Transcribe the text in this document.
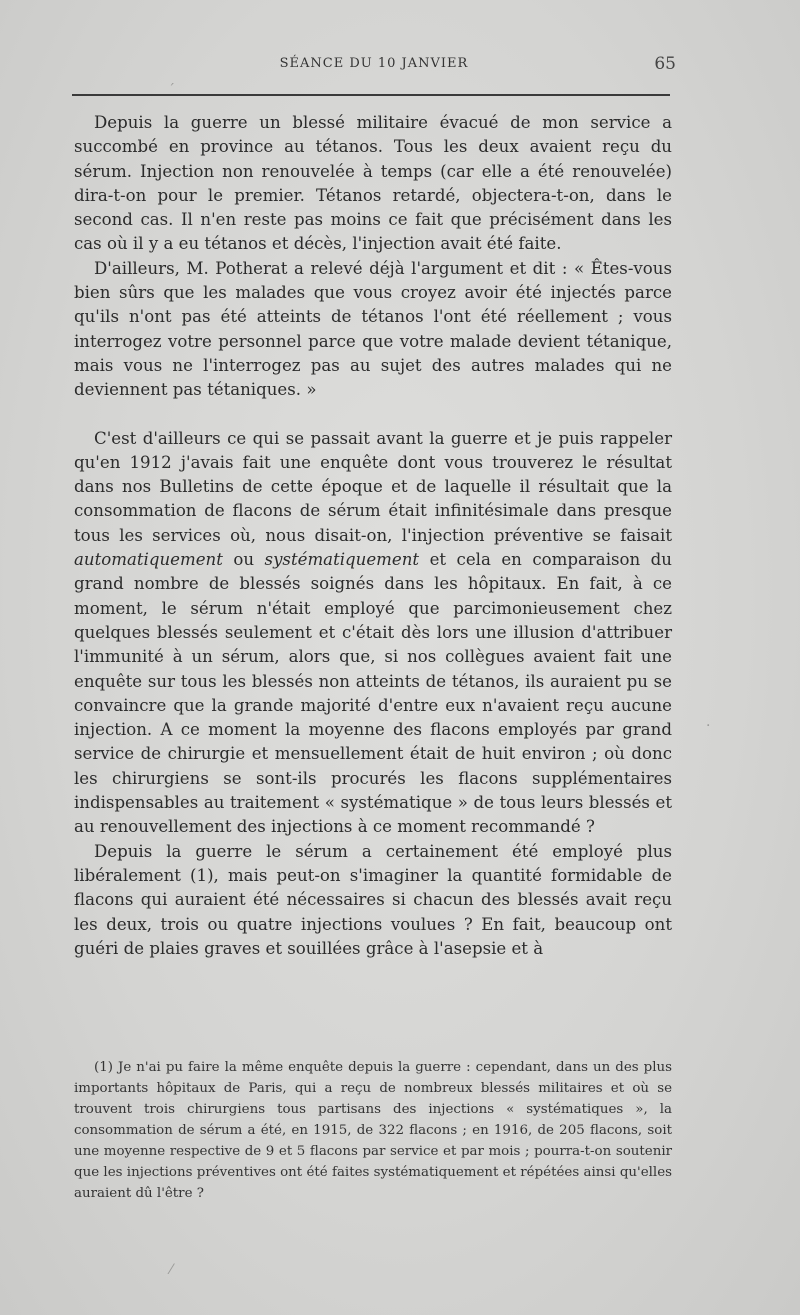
SÉANCE DU 10 JANVIER	65

Depuis la guerre un blessé militaire évacué de mon service a succombé en province au tétanos. Tous les deux avaient reçu du sérum. Injection non renouvelée à temps (car elle a été renouvelée) dira-t-on pour le premier. Tétanos retardé, objectera-t-on, dans le second cas. Il n'en reste pas moins ce fait que précisément dans les cas où il y a eu tétanos et décès, l'injection avait été faite.

D'ailleurs, M. Potherat a relevé déjà l'argument et dit : « Êtes-vous bien sûrs que les malades que vous croyez avoir été injectés parce qu'ils n'ont pas été atteints de tétanos l'ont été réellement ; vous interrogez votre personnel parce que votre malade devient tétanique, mais vous ne l'interrogez pas au sujet des autres malades qui ne deviennent pas tétaniques. »

C'est d'ailleurs ce qui se passait avant la guerre et je puis rappeler qu'en 1912 j'avais fait une enquête dont vous trouverez le résultat dans nos Bulletins de cette époque et de laquelle il résultait que la consommation de flacons de sérum était infinitésimale dans presque tous les services où, nous disait-on, l'injection préventive se faisait automatiquement ou systématiquement et cela en comparaison du grand nombre de blessés soignés dans les hôpitaux. En fait, à ce moment, le sérum n'était employé que parcimonieusement chez quelques blessés seulement et c'était dès lors une illusion d'attribuer l'immunité à un sérum, alors que, si nos collègues avaient fait une enquête sur tous les blessés non atteints de tétanos, ils auraient pu se convaincre que la grande majorité d'entre eux n'avaient reçu aucune injection. A ce moment la moyenne des flacons employés par grand service de chirurgie et mensuellement était de huit environ ; où donc les chirurgiens se sont-ils procurés les flacons supplémentaires indispensables au traitement « systématique » de tous leurs blessés et au renouvellement des injections à ce moment recommandé ?

Depuis la guerre le sérum a certainement été employé plus libéralement (1), mais peut-on s'imaginer la quantité formidable de flacons qui auraient été nécessaires si chacun des blessés avait reçu les deux, trois ou quatre injections voulues ? En fait, beaucoup ont guéri de plaies graves et souillées grâce à l'asepsie et à

(1) Je n'ai pu faire la même enquête depuis la guerre : cependant, dans un des plus importants hôpitaux de Paris, qui a reçu de nombreux blessés militaires et où se trouvent trois chirurgiens tous partisans des injections « systématiques », la consommation de sérum a été, en 1915, de 322 flacons ; en 1916, de 205 flacons, soit une moyenne respective de 9 et 5 flacons par service et par mois ; pourra-t-on soutenir que les injections préventives ont été faites systématiquement et répétées ainsi qu'elles auraient dû l'être ?
´
·
⁄
